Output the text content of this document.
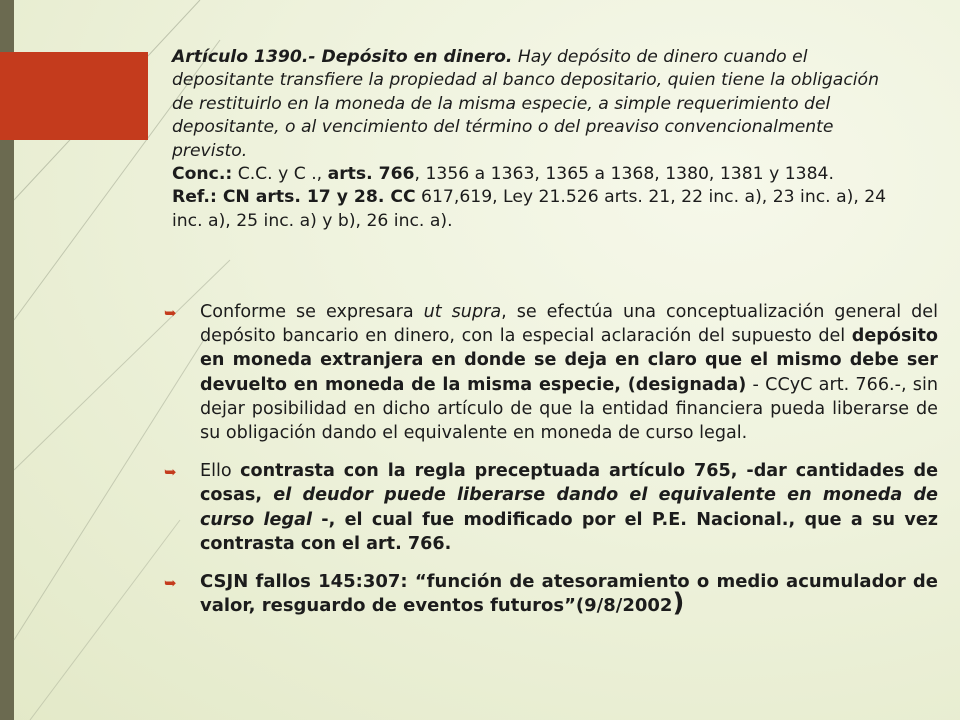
Artículo 1390.- Depósito en dinero. Hay depósito de dinero cuando el depositante transfiere la propiedad al banco depositario, quien tiene la obligación de restituirlo en la moneda de la misma especie, a simple requerimiento del depositante, o al vencimiento del término o del preaviso convencionalmente previsto.

Conc.: C.C. y C ., arts. 766, 1356 a 1363, 1365 a 1368, 1380, 1381 y 1384.

Ref.: CN arts. 17 y 28. CC 617,619, Ley 21.526 arts. 21, 22 inc. a), 23 inc. a), 24 inc. a), 25 inc. a) y b), 26 inc. a).

➥ Conforme se expresara ut supra, se efectúa una conceptualización general del depósito bancario en dinero, con la especial aclaración del supuesto del depósito en moneda extranjera en donde se deja en claro que el mismo debe ser devuelto en moneda de la misma especie, (designada) - CCyC art. 766.-, sin dejar posibilidad en dicho artículo de que la entidad financiera pueda liberarse de su obligación dando el equivalente en moneda de curso legal.
➥ Ello contrasta con la regla preceptuada artículo 765, -dar cantidades de cosas, el deudor puede liberarse dando el equivalente en moneda de curso legal -, el cual fue modificado por el P.E. Nacional., que a su vez contrasta con el art. 766.
➥ CSJN fallos 145:307: “función de atesoramiento o medio acumulador de valor, resguardo de eventos futuros”(9/8/2002)
